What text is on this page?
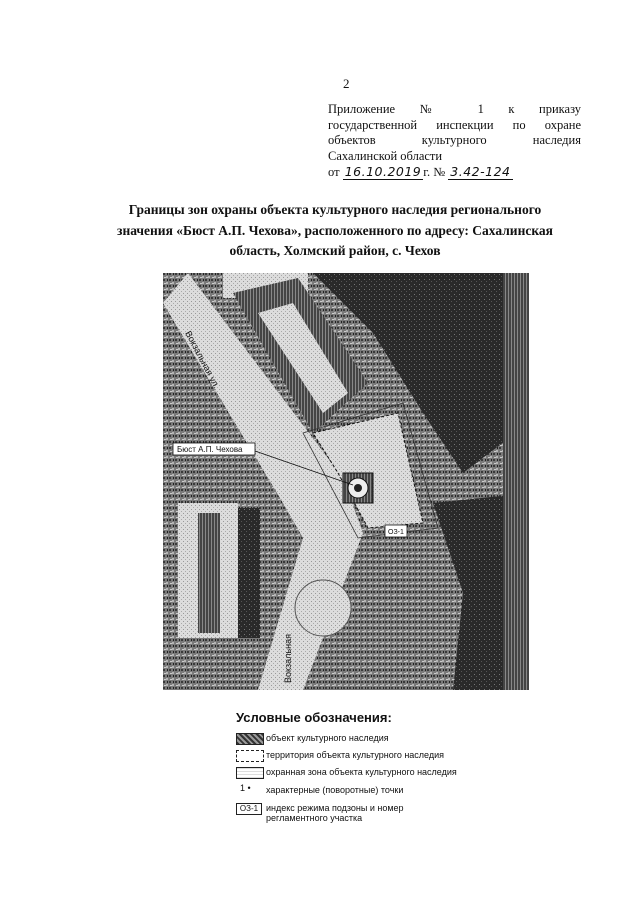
2
Приложение № 1 к приказу
государственной инспекции по охране
объектов культурного наследия
Сахалинской области
от 16.10.2019 г. № 3.42-124
Границы зон охраны объекта культурного наследия регионального значения «Бюст А.П. Чехова», расположенного по адресу: Сахалинская область, Холмский район, с. Чехов
Бюст А.П. Чехова
ОЗ-1
Вокзальная ул.
Вокзальная
Условные обозначения:
объект культурного наследия
территория объекта культурного наследия
охранная зона объекта культурного наследия
1 • характерные (поворотные) точки
ОЗ-1 индекс режима подзоны и номер регламентного участка
